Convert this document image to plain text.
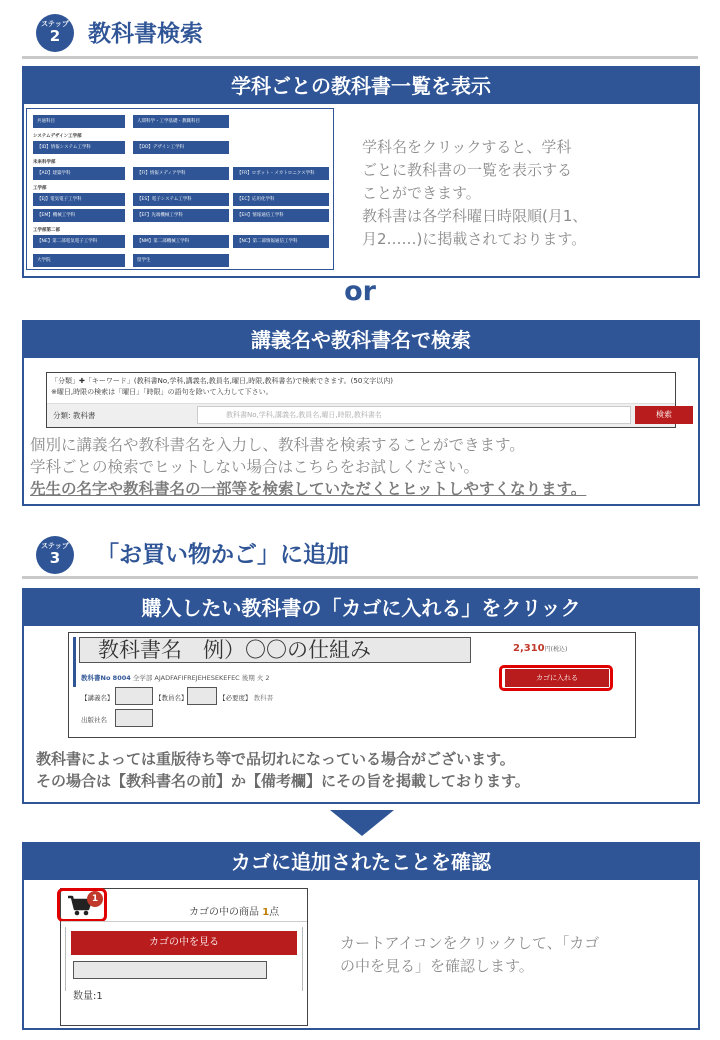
ステップ
2	教科書検索
学科ごとの教科書一覧を表示
共通科目	人間科学・工学基礎・教職科目
システムデザイン工学部
【ID】情報システム工学科	【DD】デザイン工学科
未来科学部
【AD】建築学科	【FI】情報メディア学科	【FR】ロボット・メカトロニクス学科
工学部
【EJ】電気電子工学科	【ES】電子システム工学科	【EC】応用化学科
【EM】機械工学科	【EF】先端機械工学科	【EH】情報通信工学科
工学部第二部
【NE】第二部電気電子工学科	【NM】第二部機械工学科	【NC】第二部情報通信工学科
大学院	留学生
学科名をクリックすると、学科
ごとに教科書の一覧を表示する
ことができます。
教科書は各学科曜日時限順(月1、
月2……)に掲載されております。
or
講義名や教科書名で検索
「分類」✚「キーワード」(教科書No,学科,講義名,教員名,曜日,時限,教科書名)で検索できます。(50文字以内)
※曜日,時限の検索は「曜日」「時限」の語句を除いて入力して下さい。
分類: 教科書	教科書No,学科,講義名,教員名,曜日,時限,教科書名	検索
個別に講義名や教科書名を入力し、教科書を検索することができます。
学科ごとの検索でヒットしない場合はこちらをお試しください。
先生の名字や教科書名の一部等を検索していただくとヒットしやすくなります。
ステップ
3	「お買い物かご」に追加
購入したい教科書の「カゴに入れる」をクリック
教科書名　例）〇〇の仕組み	2,310円(税込)
カゴに入れる
教科書No 8004 全学部 AJADFAFIFREJEHESEKEFEC 後期 火 2
【講義名】	【教員名】	【必要度】 教科書
出版社名
教科書によっては重版待ち等で品切れになっている場合がございます。
その場合は【教科書名の前】か【備考欄】にその旨を掲載しております。
カゴに追加されたことを確認
1
カゴの中の商品 1点
カゴの中を見る
数量:1
カートアイコンをクリックして、「カゴ
の中を見る」を確認します。
